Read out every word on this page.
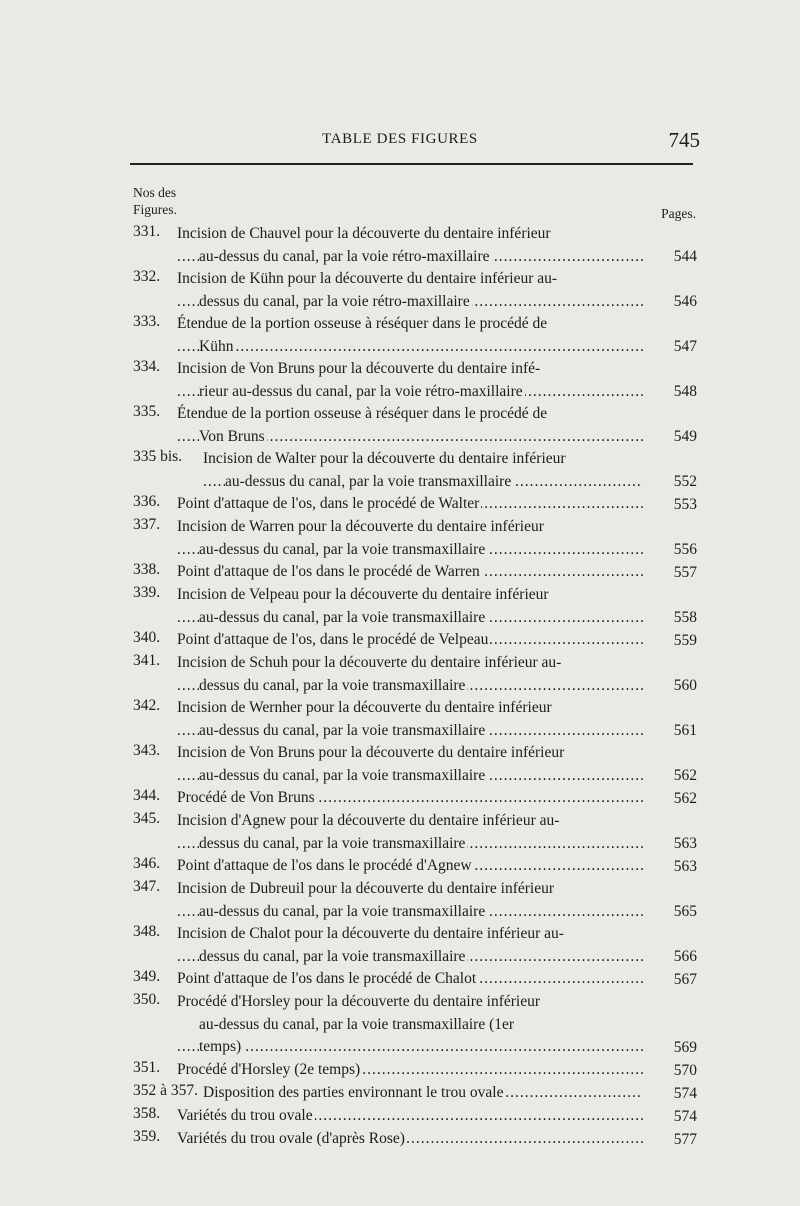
TABLE DES FIGURES	745
Nos des
Figures.	Pages.
331. Incision de Chauvel pour la découverte du dentaire inférieur
au-dessus du canal, par la voie rétro-maxillaire .....	544
332. Incision de Kühn pour la découverte du dentaire inférieur au-
dessus du canal, par la voie rétro-maxillaire .....	546
333. Étendue de la portion osseuse à réséquer dans le procédé de
Kühn .....	547
334. Incision de Von Bruns pour la découverte du dentaire infé-
rieur au-dessus du canal, par la voie rétro-maxillaire .....	548
335. Étendue de la portion osseuse à réséquer dans le procédé de
Von Bruns .....	549
335 bis. Incision de Walter pour la découverte du dentaire inférieur
au-dessus du canal, par la voie transmaxillaire .....	552
336. Point d'attaque de l'os, dans le procédé de Walter .....	553
337. Incision de Warren pour la découverte du dentaire inférieur
au-dessus du canal, par la voie transmaxillaire .....	556
338. Point d'attaque de l'os dans le procédé de Warren .....	557
339. Incision de Velpeau pour la découverte du dentaire inférieur
au-dessus du canal, par la voie transmaxillaire .....	558
340. Point d'attaque de l'os, dans le procédé de Velpeau .....	559
341. Incision de Schuh pour la découverte du dentaire inférieur au-
dessus du canal, par la voie transmaxillaire .....	560
342. Incision de Wernher pour la découverte du dentaire inférieur
au-dessus du canal, par la voie transmaxillaire .....	561
343. Incision de Von Bruns pour la découverte du dentaire inférieur
au-dessus du canal, par la voie transmaxillaire .....	562
344. Procédé de Von Bruns .....	562
345. Incision d'Agnew pour la découverte du dentaire inférieur au-
dessus du canal, par la voie transmaxillaire .....	563
346. Point d'attaque de l'os dans le procédé d'Agnew .....	563
347. Incision de Dubreuil pour la découverte du dentaire inférieur
au-dessus du canal, par la voie transmaxillaire .....	565
348. Incision de Chalot pour la découverte du dentaire inférieur au-
dessus du canal, par la voie transmaxillaire .....	566
349. Point d'attaque de l'os dans le procédé de Chalot .....	567
350. Procédé d'Horsley pour la découverte du dentaire inférieur
au-dessus du canal, par la voie transmaxillaire (1er
temps) .....	569
351. Procédé d'Horsley (2e temps) .....	570
352 à 357. Disposition des parties environnant le trou ovale .....	574
358. Variétés du trou ovale .....	574
359. Variétés du trou ovale (d'après Rose) .....	577
